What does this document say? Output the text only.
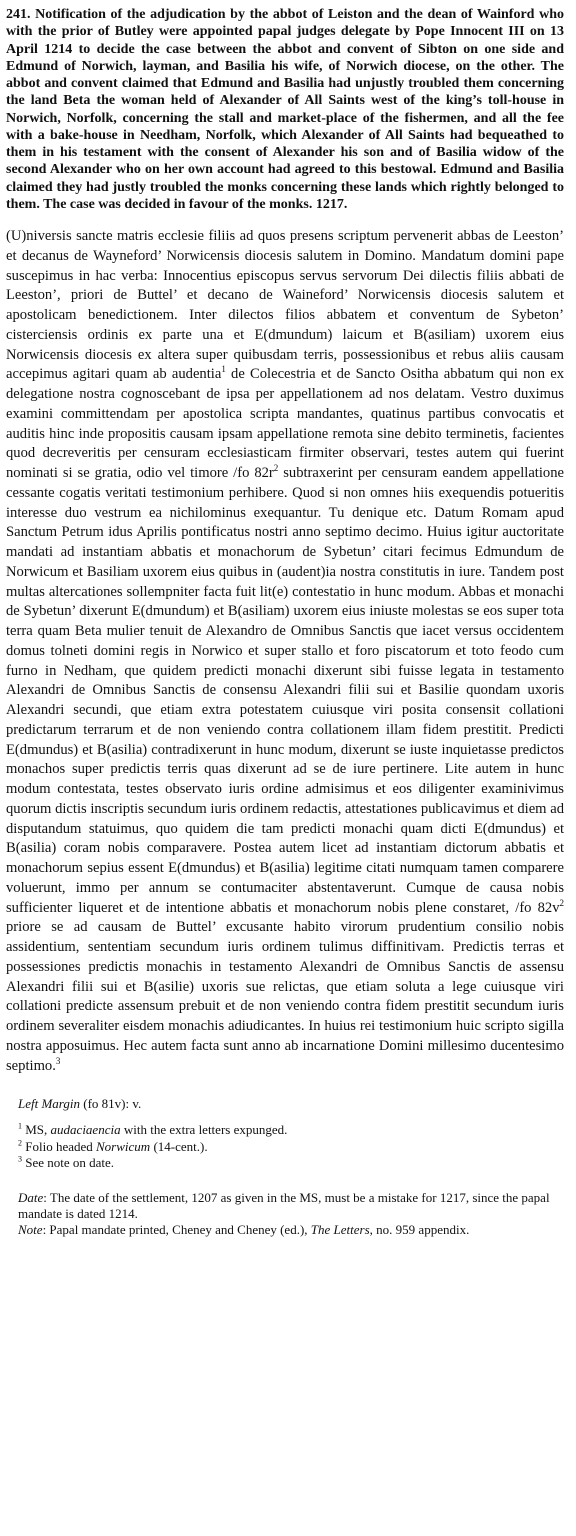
241. Notification of the adjudication by the abbot of Leiston and the dean of Wainford who with the prior of Butley were appointed papal judges delegate by Pope Innocent III on 13 April 1214 to decide the case between the abbot and convent of Sibton on one side and Edmund of Norwich, layman, and Basilia his wife, of Norwich diocese, on the other. The abbot and convent claimed that Edmund and Basilia had unjustly troubled them concerning the land Beta the woman held of Alexander of All Saints west of the king’s toll-house in Norwich, Norfolk, concerning the stall and market-place of the fishermen, and all the fee with a bake-house in Needham, Norfolk, which Alexander of All Saints had bequeathed to them in his testament with the consent of Alexander his son and of Basilia widow of the second Alexander who on her own account had agreed to this bestowal. Edmund and Basilia claimed they had justly troubled the monks concerning these lands which rightly belonged to them. The case was decided in favour of the monks. 1217.

(U)niversis sancte matris ecclesie filiis ad quos presens scriptum pervenerit abbas de Leeston’ et decanus de Wayneford’ Norwicensis diocesis salutem in Domino. Mandatum domini pape suscepimus in hac verba: Innocentius episcopus servus servorum Dei dilectis filiis abbati de Leeston’, priori de Buttel’ et decano de Waineford’ Norwicensis diocesis salutem et apostolicam benedictionem. Inter dilectos filios abbatem et conventum de Sybeton’ cisterciensis ordinis ex parte una et E(dmundum) laicum et B(asiliam) uxorem eius Norwicensis diocesis ex altera super quibusdam terris, possessionibus et rebus aliis causam accepimus agitari quam ab audentia$^1$ de Colecestria et de Sancto Ositha abbatum qui non ex delegatione nostra cognoscebant de ipsa per appellationem ad nos delatam. Vestro duximus examini committendam per apostolica scripta mandantes, quatinus partibus convocatis et auditis hinc inde propositis causam ipsam appellatione remota sine debito terminetis, facientes quod decreveritis per censuram ecclesiasticam firmiter observari, testes autem qui fuerint nominati si se gratia, odio vel timore /fo $82r^2$ subtraxerint per censuram eandem appellatione cessante cogatis veritati testimonium perhibere. Quod si non omnes hiis exequendis potueritis interesse duo vestrum ea nichilominus exequantur. Tu denique etc. Datum Romam apud Sanctum Petrum idus Aprilis pontificatus nostri anno septimo decimo. Huius igitur auctoritate mandati ad instantiam abbatis et monachorum de Sybetun’ citari fecimus Edmundum de Norwicum et Basiliam uxorem eius quibus in (audent)ia nostra constitutis in iure. Tandem post multas altercationes sollempniter facta fuit lit(e) contestatio in hunc modum. Abbas et monachi de Sybetun’ dixerunt E(dmundum) et B(asiliam) uxorem eius iniuste molestas se eos super tota terra quam Beta mulier tenuit de Alexandro de Omnibus Sanctis que iacet versus occidentem domus tolneti domini regis in Norwico et super stallo et foro piscatorum et toto feodo cum furno in Nedham, que quidem predicti monachi dixerunt sibi fuisse legata in testamento Alexandri de Omnibus Sanctis de consensu Alexandri filii sui et Basilie quondam uxoris Alexandri secundi, que etiam extra potestatem cuiusque viri posita consensit collationi predictarum terrarum et de non veniendo contra collationem illam fidem prestitit. Predicti E(dmundus) et B(asilia) contradixerunt in hunc modum, dixerunt se iuste inquietasse predictos monachos super predictis terris quas dixerunt ad se de iure pertinere. Lite autem in hunc modum contestata, testes observato iuris ordine admisimus et eos diligenter examinivimus quorum dictis inscriptis secundum iuris ordinem redactis, attestationes publicavimus et diem ad disputandum statuimus, quo quidem die tam predicti monachi quam dicti E(dmundus) et B(asilia) coram nobis comparavere. Postea autem licet ad instantiam dictorum abbatis et monachorum sepius essent E(dmundus) et B(asilia) legitime citati numquam tamen comparere voluerunt, immo per annum se contumaciter abstentaverunt. Cumque de causa nobis sufficienter liqueret et de intentione abbatis et monachorum nobis plene constaret, /fo $82v^2$ priore se ad causam de Buttel’ excusante habito virorum prudentium consilio nobis assidentium, sententiam secundum iuris ordinem tulimus diffinitivam. Predictis terras et possessiones predictis monachis in testamento Alexandri de Omnibus Sanctis de assensu Alexandri filii sui et B(asilie) uxoris sue relictas, que etiam soluta a lege cuiusque viri collationi predicte assensum prebuit et de non veniendo contra fidem prestitit secundum iuris ordinem severaliter eisdem monachis adiudicantes. In huius rei testimonium huic scripto sigilla nostra apposuimus. Hec autem facta sunt anno ab incarnatione Domini millesimo ducentesimo septimo.$^3$

Left Margin (fo 81v): v.
$^1$ MS, audaciaencia with the extra letters expunged.
$^2$ Folio headed Norwicum (14-cent.).
$^3$ See note on date.

Date: The date of the settlement, 1207 as given in the MS, must be a mistake for 1217, since the papal mandate is dated 1214.

Note: Papal mandate printed, Cheney and Cheney (ed.), The Letters, no. 959 appendix.
